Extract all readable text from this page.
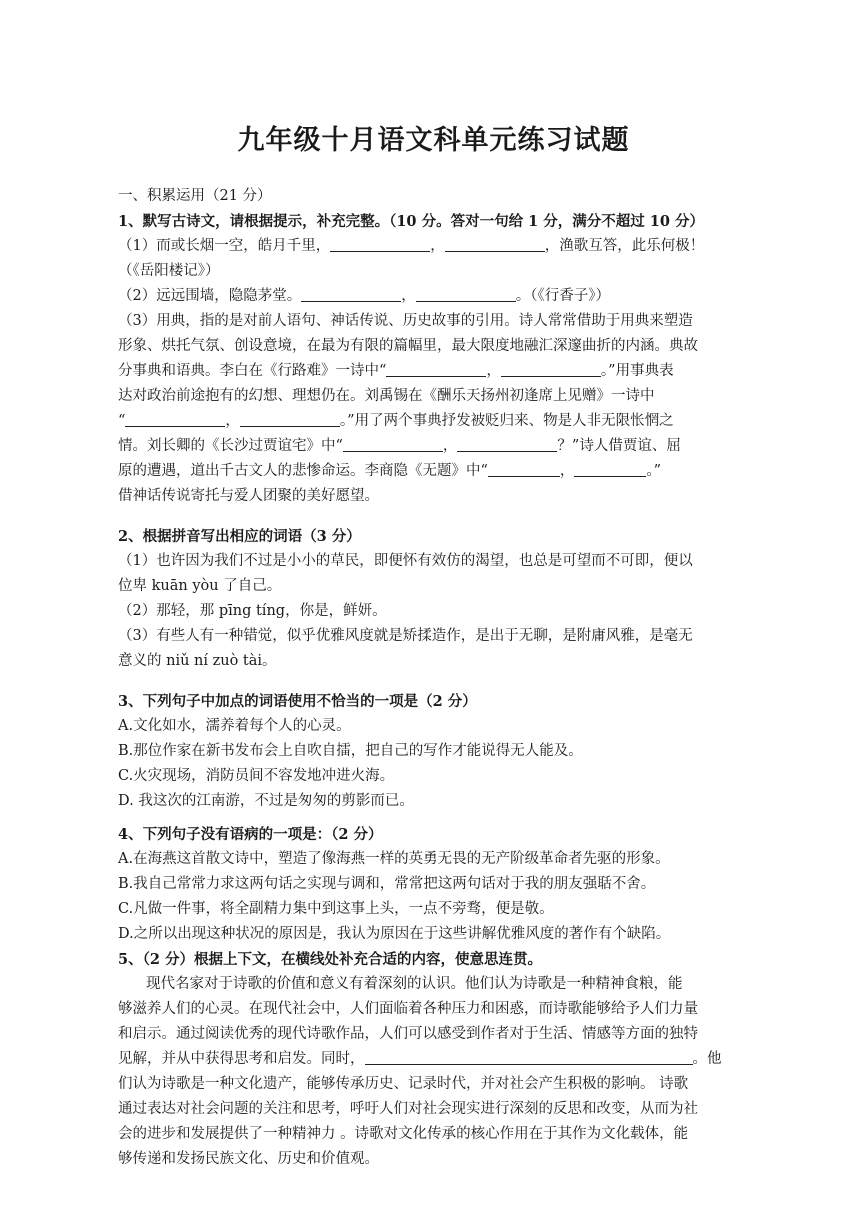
九年级十月语文科单元练习试题
一、积累运用（21 分）
1、默写古诗文，请根据提示，补充完整。（10 分。答对一句给 1 分，满分不超过 10 分）
（1）而或长烟一空，皓月千里，	，	，渔歌互答，此乐何极！
（《岳阳楼记》）
（2）远远围墙，隐隐茅堂。	，	。（《行香子》）
（3）用典，指的是对前人语句、神话传说、历史故事的引用。诗人常常借助于用典来塑造
形象、烘托气氛、创设意境，在最为有限的篇幅里，最大限度地融汇深邃曲折的内涵。典故
分事典和语典。李白在《行路难》一诗中“	，	。”用事典表
达对政治前途抱有的幻想、理想仍在。刘禹锡在《酬乐天扬州初逢席上见赠》一诗中
“	，	。”用了两个事典抒发被贬归来、物是人非无限怅惘之
情。刘长卿的《长沙过贾谊宅》中“	，	？”诗人借贾谊、屈
原的遭遇，道出千古文人的悲惨命运。李商隐《无题》中“	，	。”
借神话传说寄托与爱人团聚的美好愿望。
2、根据拼音写出相应的词语（3 分）
（1）也许因为我们不过是小小的草民，即便怀有效仿的渴望，也总是可望而不可即，便以
位卑 kuān yòu 了自己。
（2）那轻，那 pīng tíng，你是，鲜妍。
（3）有些人有一种错觉，似乎优雅风度就是矫揉造作，是出于无聊，是附庸风雅，是毫无
意义的 niǔ ní zuò tài。
3、下列句子中加点的词语使用不恰当的一项是（2 分）
A.文化如水，濡养着每个人的心灵。
B.那位作家在新书发布会上自吹自擂，把自己的写作才能说得无人能及。
C.火灾现场，消防员间不容发地冲进火海。
D. 我这次的江南游，不过是匆匆的剪影而已。
4、下列句子没有语病的一项是：（2 分）
A.在海燕这首散文诗中，塑造了像海燕一样的英勇无畏的无产阶级革命者先驱的形象。
B.我自己常常力求这两句话之实现与调和，常常把这两句话对于我的朋友强聒不舍。
C.凡做一件事，将全副精力集中到这事上头，一点不旁骛，便是敬。
D.之所以出现这种状况的原因是，我认为原因在于这些讲解优雅风度的著作有个缺陷。
5、（2 分）根据上下文，在横线处补充合适的内容，使意思连贯。
现代名家对于诗歌的价值和意义有着深刻的认识。他们认为诗歌是一种精神食粮，能
够滋养人们的心灵。在现代社会中，人们面临着各种压力和困惑，而诗歌能够给予人们力量
和启示。通过阅读优秀的现代诗歌作品，人们可以感受到作者对于生活、情感等方面的独特
见解，并从中获得思考和启发。同时，	。他
们认为诗歌是一种文化遗产，能够传承历史、记录时代，并对社会产生积极的影响。 诗歌
通过表达对社会问题的关注和思考，呼吁人们对社会现实进行深刻的反思和改变，从而为社
会的进步和发展提供了一种精神力 。诗歌对文化传承的核心作用在于其作为文化载体，能
够传递和发扬民族文化、历史和价值观。
